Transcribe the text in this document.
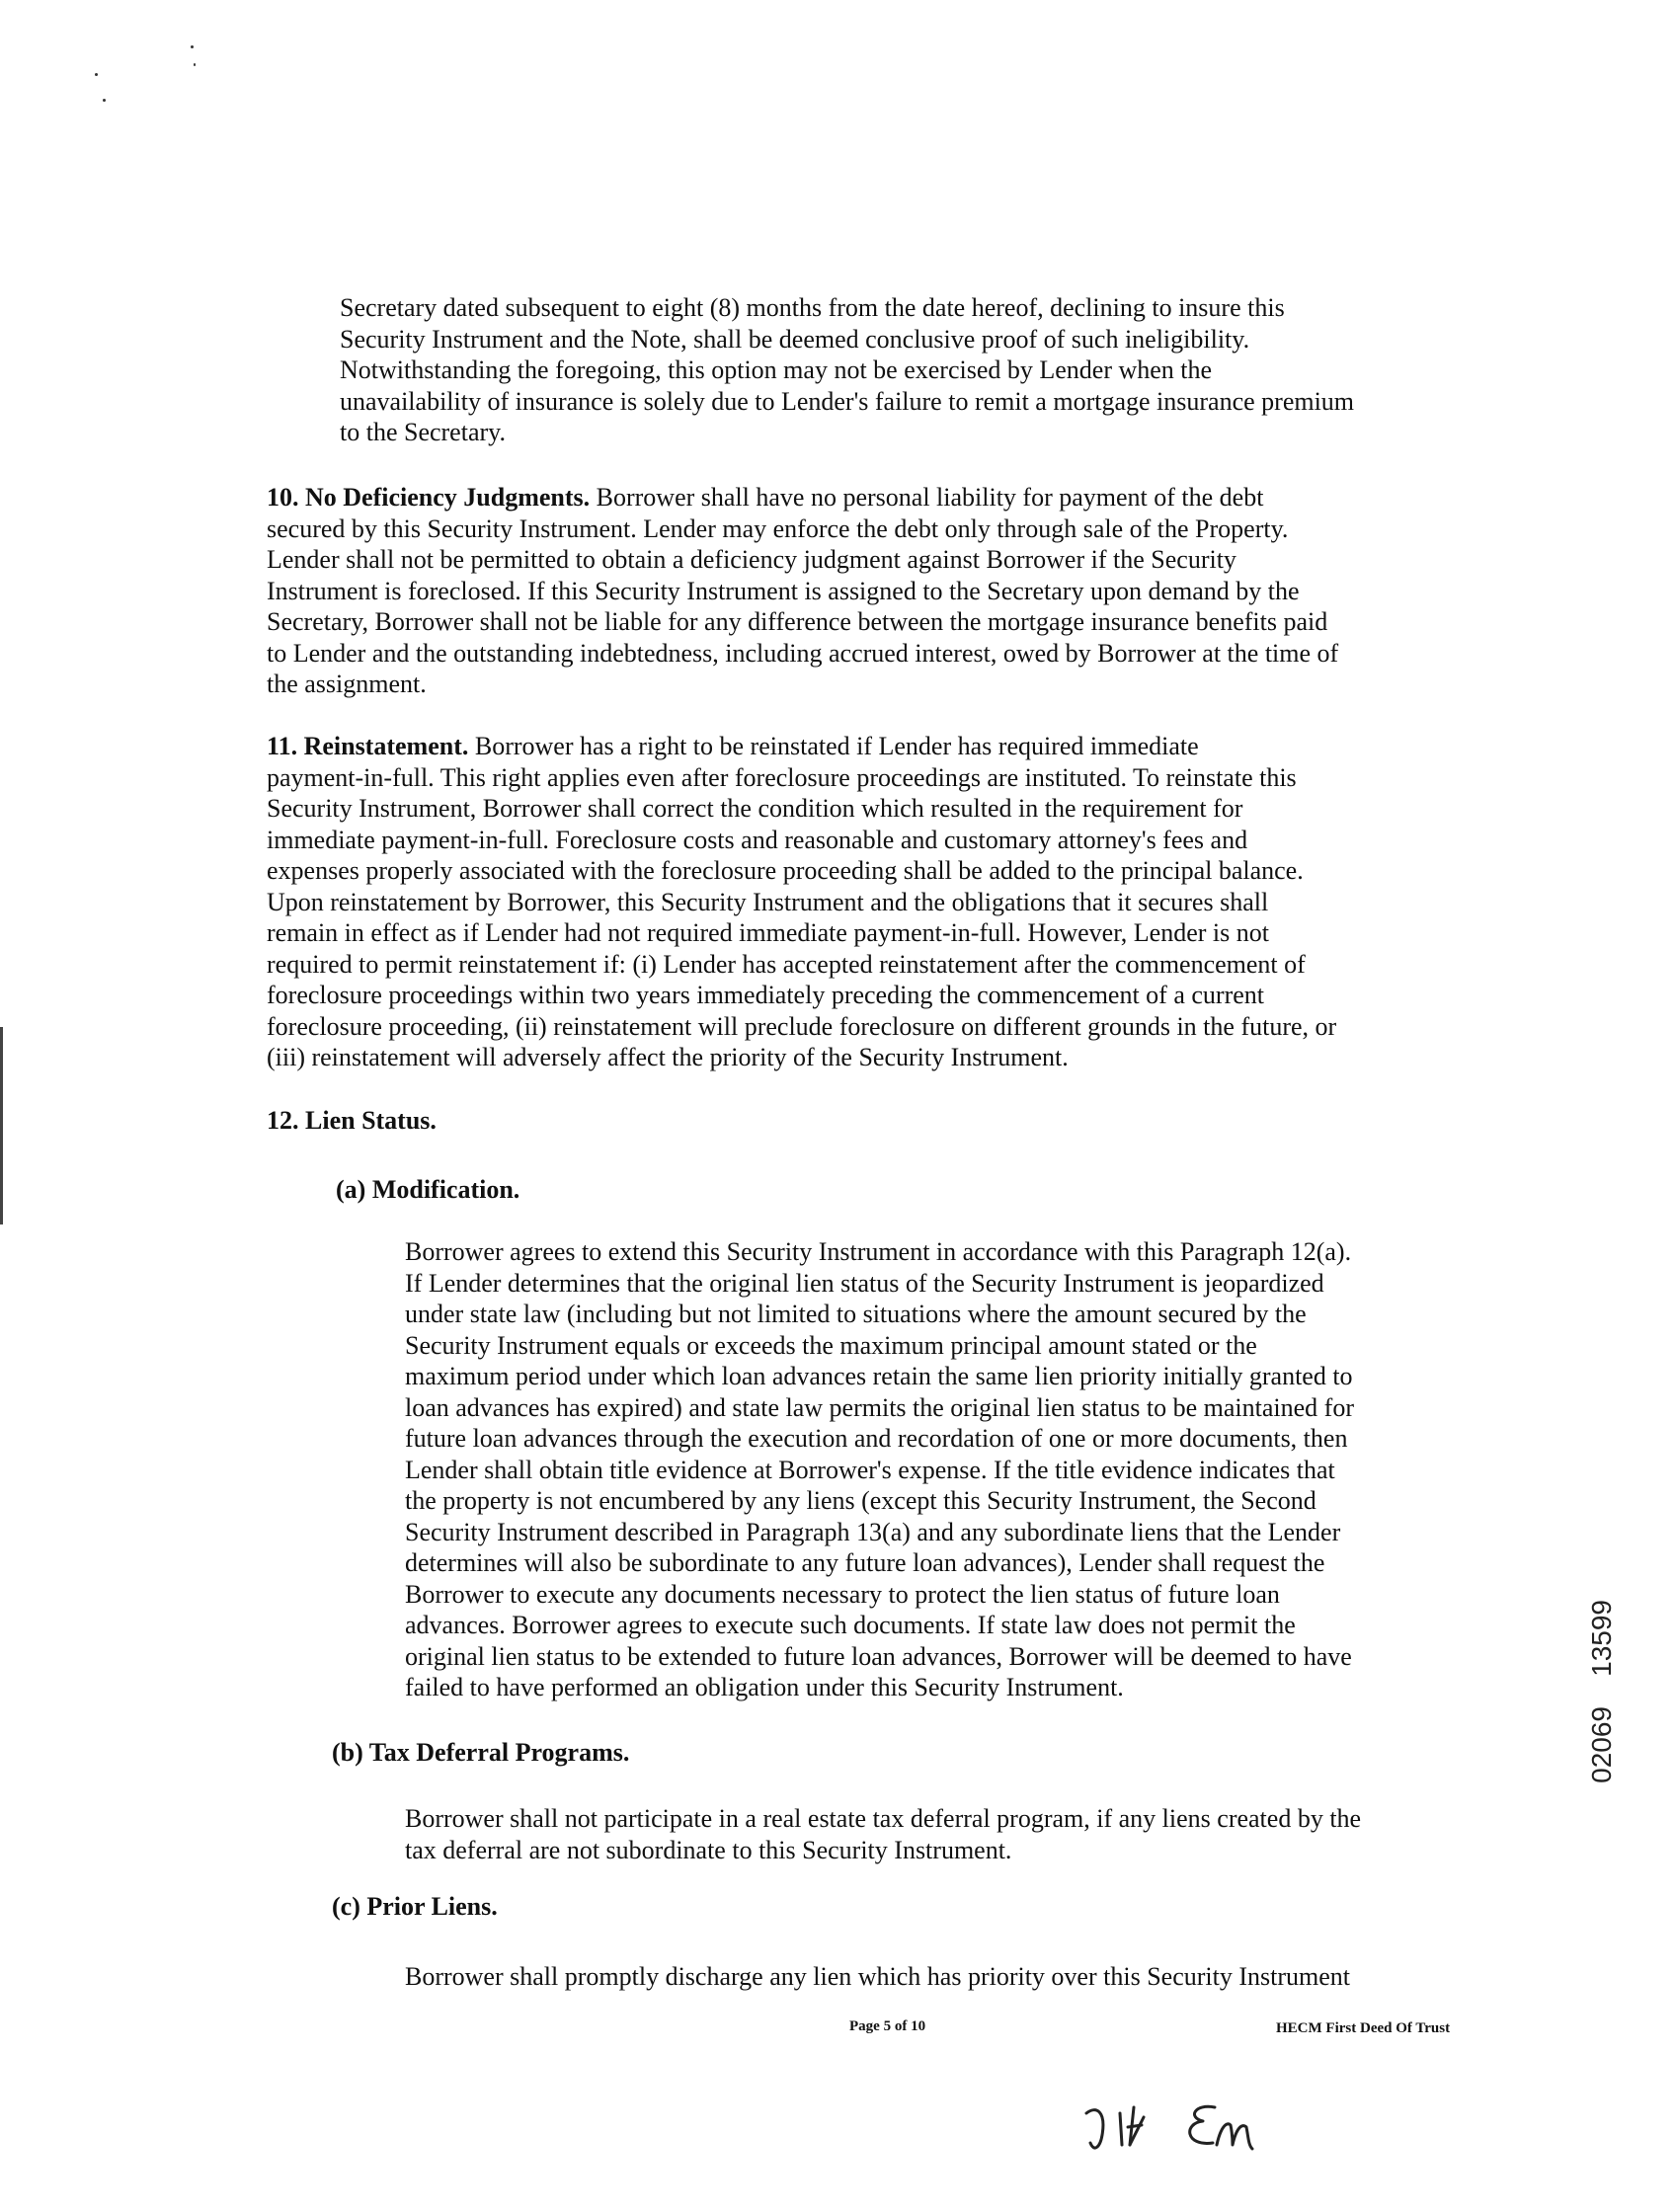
Secretary dated subsequent to eight (8) months from the date hereof, declining to insure this
Security Instrument and the Note, shall be deemed conclusive proof of such ineligibility.
Notwithstanding the foregoing, this option may not be exercised by Lender when the
unavailability of insurance is solely due to Lender's failure to remit a mortgage insurance premium
to the Secretary.
10. No Deficiency Judgments. Borrower shall have no personal liability for payment of the debt
secured by this Security Instrument. Lender may enforce the debt only through sale of the Property.
Lender shall not be permitted to obtain a deficiency judgment against Borrower if the Security
Instrument is foreclosed. If this Security Instrument is assigned to the Secretary upon demand by the
Secretary, Borrower shall not be liable for any difference between the mortgage insurance benefits paid
to Lender and the outstanding indebtedness, including accrued interest, owed by Borrower at the time of
the assignment.
11. Reinstatement. Borrower has a right to be reinstated if Lender has required immediate
payment-in-full. This right applies even after foreclosure proceedings are instituted. To reinstate this
Security Instrument, Borrower shall correct the condition which resulted in the requirement for
immediate payment-in-full. Foreclosure costs and reasonable and customary attorney's fees and
expenses properly associated with the foreclosure proceeding shall be added to the principal balance.
Upon reinstatement by Borrower, this Security Instrument and the obligations that it secures shall
remain in effect as if Lender had not required immediate payment-in-full. However, Lender is not
required to permit reinstatement if: (i) Lender has accepted reinstatement after the commencement of
foreclosure proceedings within two years immediately preceding the commencement of a current
foreclosure proceeding, (ii) reinstatement will preclude foreclosure on different grounds in the future, or
(iii) reinstatement will adversely affect the priority of the Security Instrument.
12. Lien Status.
(a) Modification.
Borrower agrees to extend this Security Instrument in accordance with this Paragraph 12(a).
If Lender determines that the original lien status of the Security Instrument is jeopardized
under state law (including but not limited to situations where the amount secured by the
Security Instrument equals or exceeds the maximum principal amount stated or the
maximum period under which loan advances retain the same lien priority initially granted to
loan advances has expired) and state law permits the original lien status to be maintained for
future loan advances through the execution and recordation of one or more documents, then
Lender shall obtain title evidence at Borrower's expense. If the title evidence indicates that
the property is not encumbered by any liens (except this Security Instrument, the Second
Security Instrument described in Paragraph 13(a) and any subordinate liens that the Lender
determines will also be subordinate to any future loan advances), Lender shall request the
Borrower to execute any documents necessary to protect the lien status of future loan
advances. Borrower agrees to execute such documents. If state law does not permit the
original lien status to be extended to future loan advances, Borrower will be deemed to have
failed to have performed an obligation under this Security Instrument.
(b) Tax Deferral Programs.
Borrower shall not participate in a real estate tax deferral program, if any liens created by the
tax deferral are not subordinate to this Security Instrument.
(c) Prior Liens.
Borrower shall promptly discharge any lien which has priority over this Security Instrument
Page 5 of 10	HECM First Deed Of Trust
13599
02069
